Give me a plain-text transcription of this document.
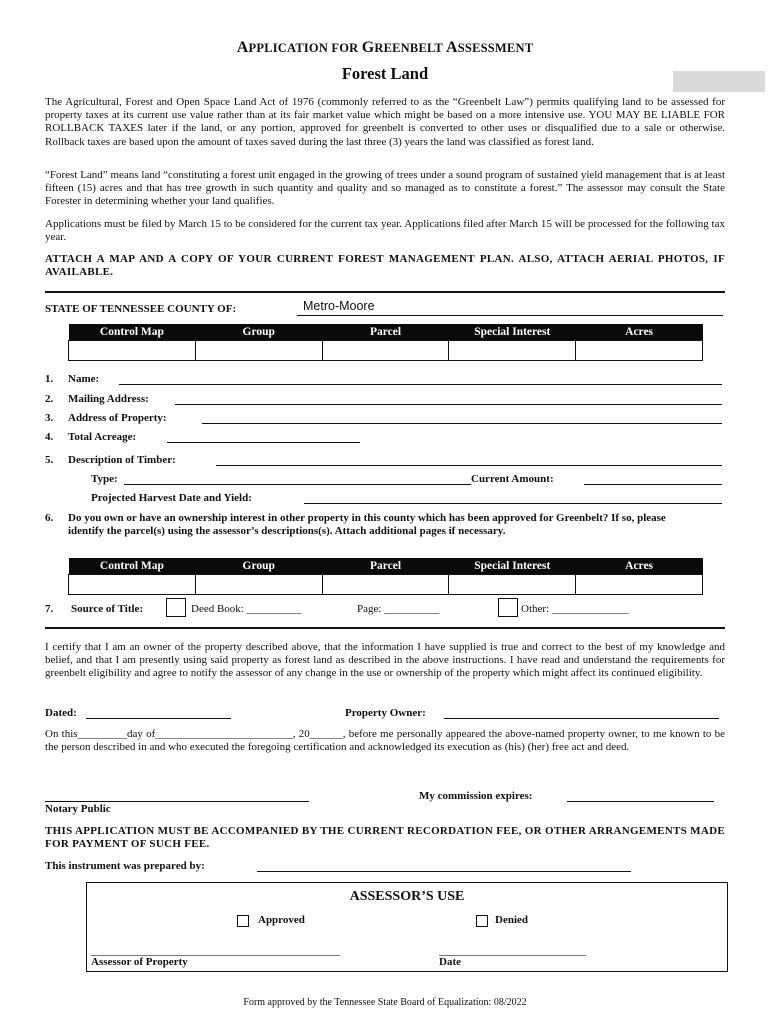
APPLICATION FOR GREENBELT ASSESSMENT
Forest Land
The Agricultural, Forest and Open Space Land Act of 1976 (commonly referred to as the “Greenbelt Law”) permits qualifying land to be assessed for property taxes at its current use value rather than at its fair market value which might be based on a more intensive use. YOU MAY BE LIABLE FOR ROLLBACK TAXES later if the land, or any portion, approved for greenbelt is converted to other uses or disqualified due to a sale or otherwise. Rollback taxes are based upon the amount of taxes saved during the last three (3) years the land was classified as forest land.
“Forest Land” means land “constituting a forest unit engaged in the growing of trees under a sound program of sustained yield management that is at least fifteen (15) acres and that has tree growth in such quantity and quality and so managed as to constitute a forest.” The assessor may consult the State Forester in determining whether your land qualifies.
Applications must be filed by March 15 to be considered for the current tax year. Applications filed after March 15 will be processed for the following tax year.
ATTACH A MAP AND A COPY OF YOUR CURRENT FOREST MANAGEMENT PLAN. ALSO, ATTACH AERIAL PHOTOS, IF AVAILABLE.
STATE OF TENNESSEE COUNTY OF:	Metro-Moore
Control Map	Group	Parcel	Special Interest	Acres

1. Name:
2. Mailing Address:
3. Address of Property:
4. Total Acreage:
5. Description of Timber:
Type:	Current Amount:
Projected Harvest Date and Yield:
6. Do you own or have an ownership interest in other property in this county which has been approved for Greenbelt? If so, please identify the parcel(s) using the assessor’s descriptions(s). Attach additional pages if necessary.
Control Map	Group	Parcel	Special Interest	Acres

7. Source of Title:	Deed Book: __________	Page: __________	Other: ______________
I certify that I am an owner of the property described above, that the information I have supplied is true and correct to the best of my knowledge and belief, and that I am presently using said property as forest land as described in the above instructions. I have read and understand the requirements for greenbelt eligibility and agree to notify the assessor of any change in the use or ownership of the property which might affect its continued eligibility.
Dated:	Property Owner:
On this_________day of_________________________, 20______, before me personally appeared the above-named property owner, to me known to be the person described in and who executed the foregoing certification and acknowledged its execution as (his) (her) free act and deed.
My commission expires:
Notary Public
THIS APPLICATION MUST BE ACCOMPANIED BY THE CURRENT RECORDATION FEE, OR OTHER ARRANGEMENTS MADE FOR PAYMENT OF SUCH FEE.
This instrument was prepared by:
ASSESSOR’S USE
Approved	Denied
Assessor of Property	Date
Form approved by the Tennessee State Board of Equalization: 08/2022
